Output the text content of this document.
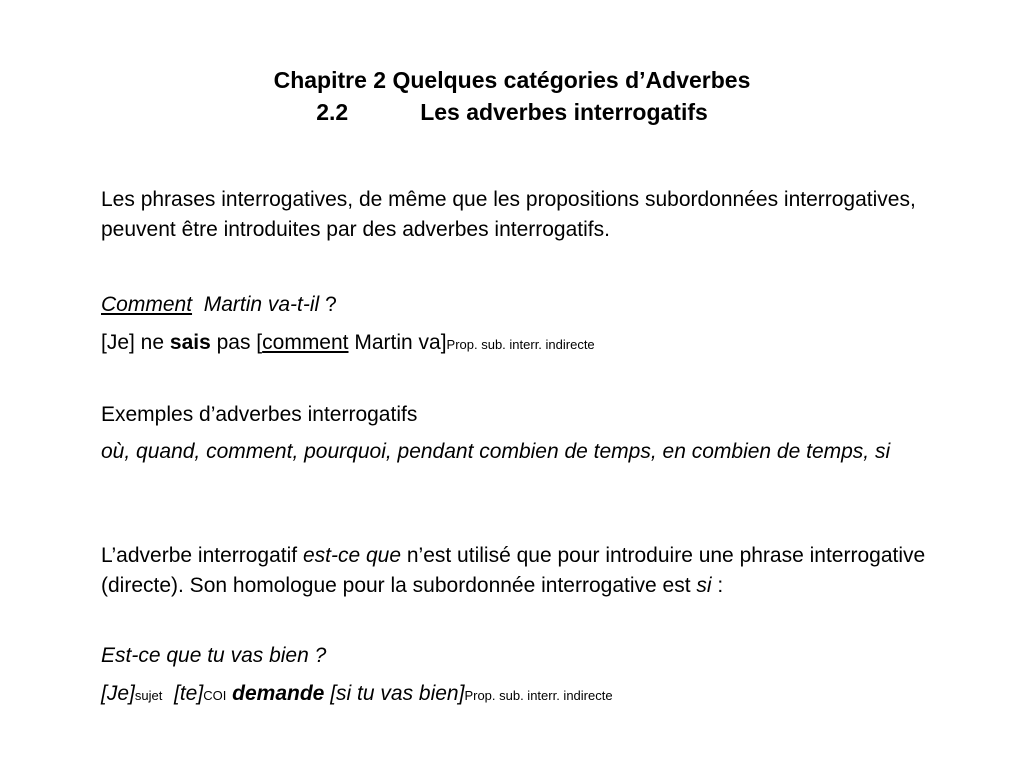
Chapitre 2 Quelques catégories d’Adverbes
2.2	Les adverbes interrogatifs

Les phrases interrogatives, de même que les propositions subordonnées interrogatives, peuvent être introduites par des adverbes interrogatifs.

Comment Martin va-t-il ?

[Je] ne sais pas [comment Martin va]Prop. sub. interr. indirecte

Exemples d’adverbes interrogatifs

où, quand, comment, pourquoi, pendant combien de temps, en combien de temps, si

L’adverbe interrogatif est-ce que n’est utilisé que pour introduire une phrase interrogative (directe). Son homologue pour la subordonnée interrogative est si :

Est-ce que tu vas bien ?

[Je]sujet [te]COI demande [si tu vas bien]Prop. sub. interr. indirecte
